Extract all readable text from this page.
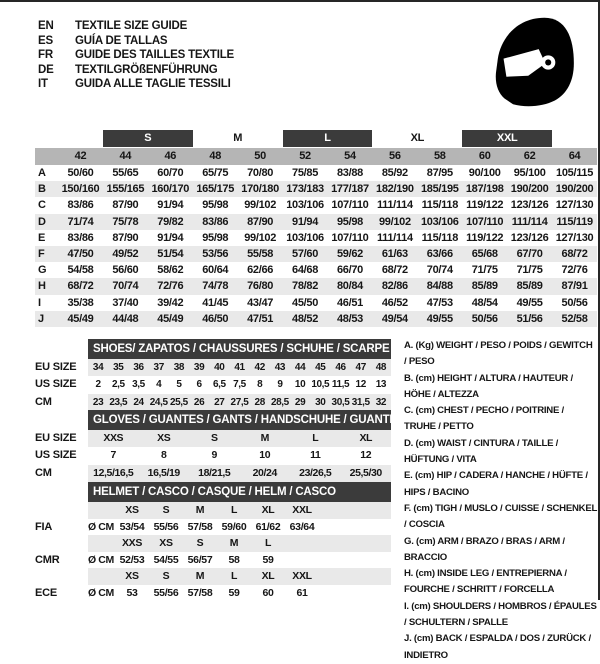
EN	TEXTILE SIZE GUIDE
ES	GUÍA DE TALLAS
FR	GUIDE DES TAILLES TEXTILE
DE	TEXTILGRÖßENFÜHRUNG
IT	GUIDA ALLE TAGLIE TESSILI
S	M	L	XL	XXL
42	44	46	48	50	52	54	56	58	60	62	64
A	50/60	55/65	60/70	65/75	70/80	75/85	83/88	85/92	87/95	90/100	95/100 105/115
B	150/160 155/165 160/170 165/175 170/180 173/183 177/187 182/190 185/195 187/198 190/200 190/200
C	83/86	87/90	91/94	95/98	99/102 103/106 107/110 111/114 115/118 119/122 123/126 127/130
D	71/74	75/78	79/82	83/86	87/90	91/94	95/98	99/102 103/106 107/110 111/114 115/119
E	83/86	87/90	91/94	95/98	99/102 103/106 107/110 111/114 115/118 119/122 123/126 127/130
F	47/50	49/52	51/54	53/56	55/58	57/60	59/62	61/63	63/66	65/68	67/70	68/72
G	54/58	56/60	58/62	60/64	62/66	64/68	66/70	68/72	70/74	71/75	71/75	72/76
H	68/72	70/74	72/76	74/78	76/80	78/82	80/84	82/86	84/88	85/89	85/89	87/91
I	35/38	37/40	39/42	41/45	43/47	45/50	46/51	46/52	47/53	48/54	49/55	50/56
J	45/49	44/48	45/49	46/50	47/51	48/52	48/53	49/54	49/55	50/56	51/56	52/58
SHOES/ ZAPATOS / CHAUSSURES / SCHUHE / SCARPE
EU SIZE	34 35 36 37 38 39 40 41 42 43 44 45 46 47 48
US SIZE	2	2,5 3,5	4	5	6	6,5 7,5	8	9	10 10,5 11,5 12 13
CM	23 23,5 24 24,5 25,5 26 27 27,5 28 28,5 29 30 30,5 31,5 32
GLOVES / GUANTES / GANTS / HANDSCHUHE / GUANTI
EU SIZE	XXS	XS	S	M	L	XL
US SIZE	7	8	9	10	11	12
CM	12,5/16,5	16,5/19	18/21,5	20/24	23/26,5	25,5/30
HELMET / CASCO / CASQUE / HELM / CASCO
XS	S	M	L	XL	XXL
FIA	Ø CM 53/54 55/56 57/58 59/60 61/62 63/64
XXS	XS	S	M	L
CMR	Ø CM 52/53 54/55 56/57	58	59
XS	S	M	L	XL	XXL
ECE	Ø CM	53	55/56 57/58	59	60	61
A. (Kg) WEIGHT / PESO / POIDS / GEWITCH / PESO
B. (cm) HEIGHT / ALTURA / HAUTEUR / HÖHE / ALTEZZA
C. (cm) CHEST / PECHO / POITRINE / TRUHE / PETTO
D. (cm) WAIST / CINTURA / TAILLE / HÜFTUNG / VITA
E. (cm) HIP / CADERA / HANCHE / HÜFTE / HIPS / BACINO
F. (cm) TIGH / MUSLO / CUISSE / SCHENKEL / COSCIA
G. (cm) ARM / BRAZO / BRAS / ARM / BRACCIO
H. (cm) INSIDE LEG / ENTREPIERNA / FOURCHE / SCHRITT / FORCELLA
I. (cm) SHOULDERS / HOMBROS / ÉPAULES / SCHULTERN / SPALLE
J. (cm) BACK / ESPALDA / DOS / ZURÜCK / INDIETRO
